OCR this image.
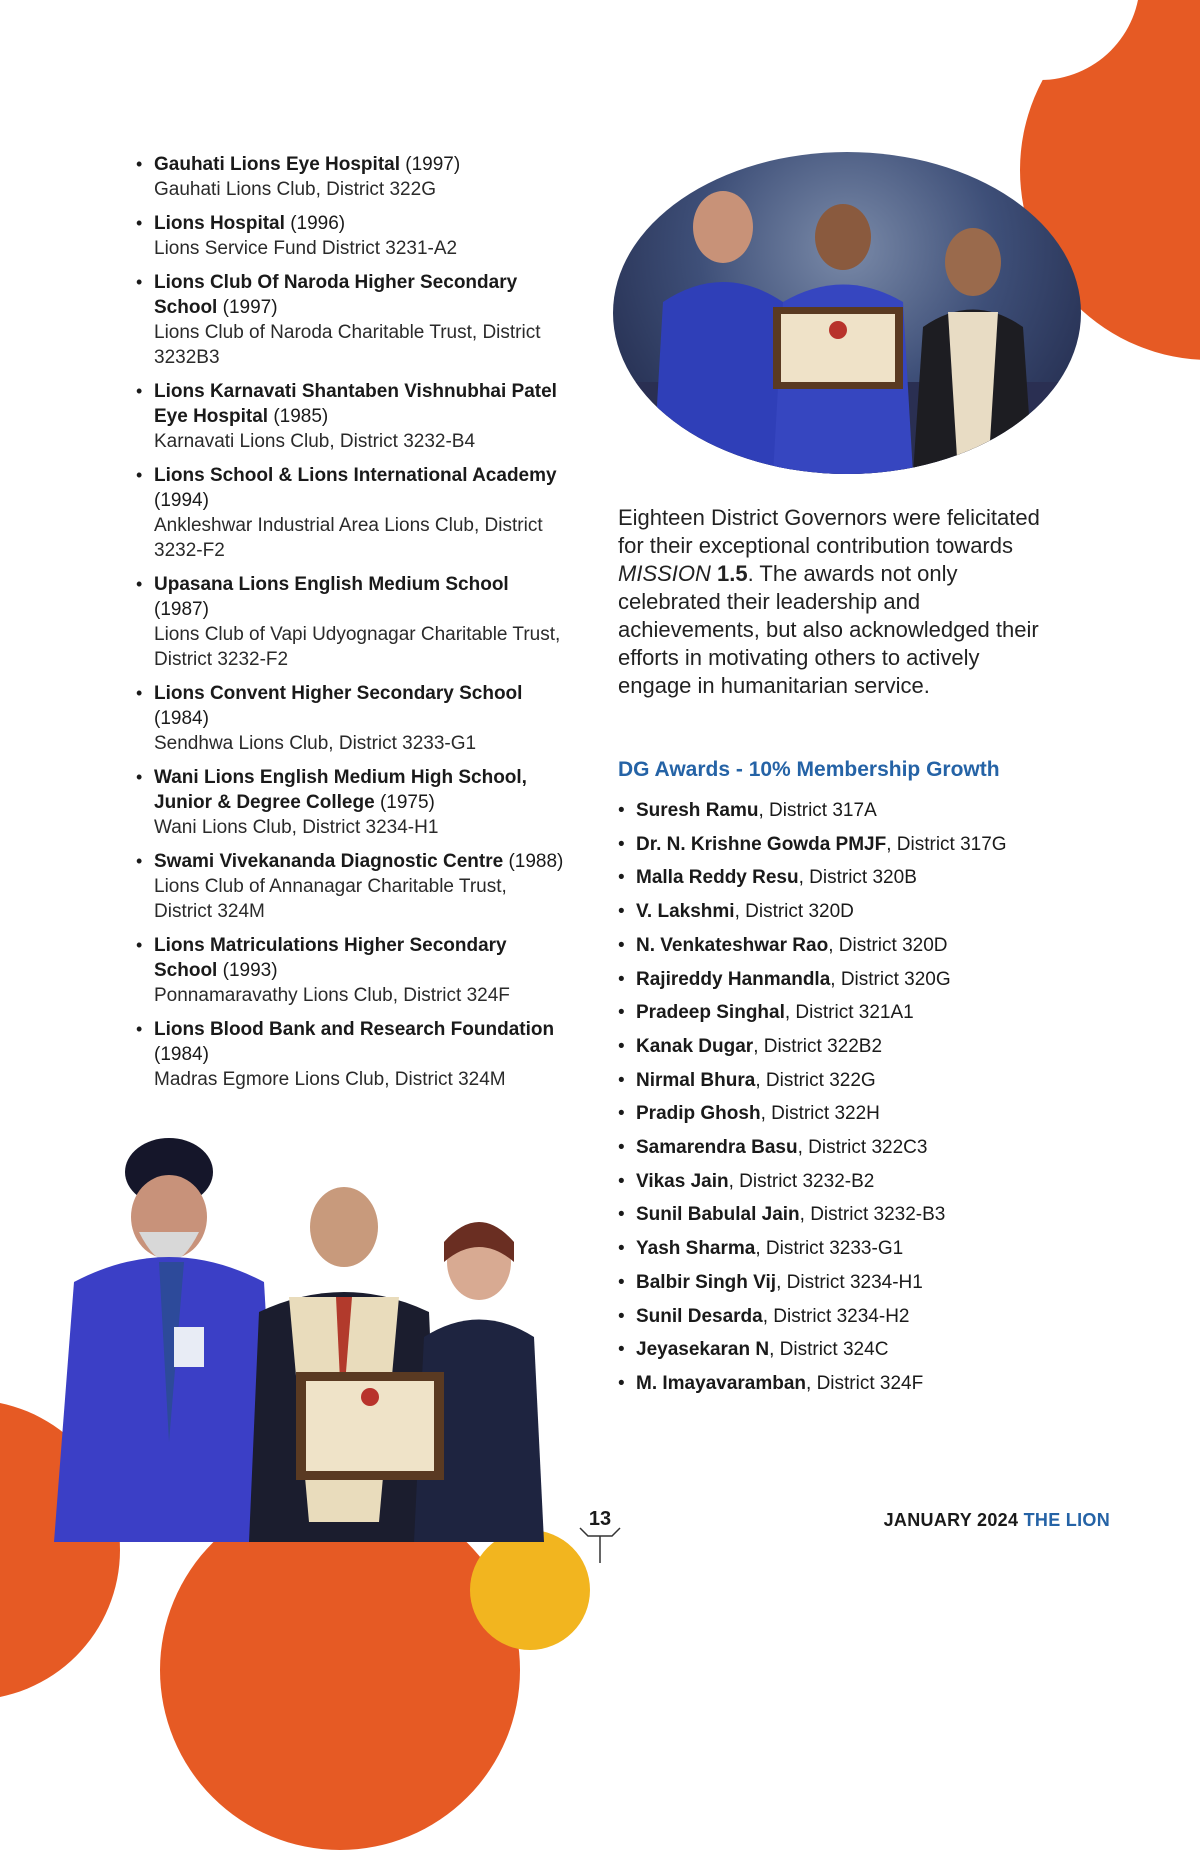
• Gauhati Lions Eye Hospital (1997)
Gauhati Lions Club, District 322G
• Lions Hospital (1996)
Lions Service Fund District 3231-A2
• Lions Club Of Naroda Higher Secondary School (1997)
Lions Club of Naroda Charitable Trust, District 3232B3
• Lions Karnavati Shantaben Vishnubhai Patel Eye Hospital (1985)
Karnavati Lions Club, District 3232-B4
• Lions School & Lions International Academy (1994)
Ankleshwar Industrial Area Lions Club, District 3232-F2
• Upasana Lions English Medium School (1987)
Lions Club of Vapi Udyognagar Charitable Trust, District 3232-F2
• Lions Convent Higher Secondary School (1984)
Sendhwa Lions Club, District 3233-G1
• Wani Lions English Medium High School, Junior & Degree College (1975)
Wani Lions Club, District 3234-H1
• Swami Vivekananda Diagnostic Centre (1988)
Lions Club of Annanagar Charitable Trust, District 324M
• Lions Matriculations Higher Secondary School (1993)
Ponnamaravathy Lions Club, District 324F
• Lions Blood Bank and Research Foundation (1984)
Madras Egmore Lions Club, District 324M

Eighteen District Governors were felicitated for their exceptional contribution towards MISSION 1.5. The awards not only celebrated their leadership and achievements, but also acknowledged their efforts in motivating others to actively engage in humanitarian service.

DG Awards - 10% Membership Growth
• Suresh Ramu, District 317A
• Dr. N. Krishne Gowda PMJF, District 317G
• Malla Reddy Resu, District 320B
• V. Lakshmi, District 320D
• N. Venkateshwar Rao, District 320D
• Rajireddy Hanmandla, District 320G
• Pradeep Singhal, District 321A1
• Kanak Dugar, District 322B2
• Nirmal Bhura, District 322G
• Pradip Ghosh, District 322H
• Samarendra Basu, District 322C3
• Vikas Jain, District 3232-B2
• Sunil Babulal Jain, District 3232-B3
• Yash Sharma, District 3233-G1
• Balbir Singh Vij, District 3234-H1
• Sunil Desarda, District 3234-H2
• Jeyasekaran N, District 324C
• M. Imayavaramban, District 324F
13	JANUARY 2024 THE LION
